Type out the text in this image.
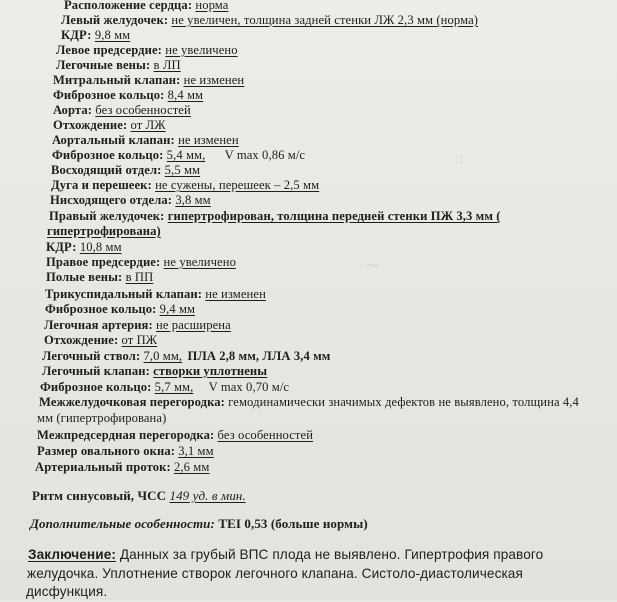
∶∶
∼
Расположение сердца: норма
Левый желудочек: не увеличен, толщина задней стенки ЛЖ 2,3 мм (норма)
КДР: 9,8 мм
Левое предсердие: не увеличено
Легочные вены: в ЛП
Митральный клапан: не изменен
Фиброзное кольцо: 8,4 мм
Аорта: без особенностей
Отхождение: от ЛЖ
Аортальный клапан: не изменен
Фиброзное кольцо: 5,4 мм, V max 0,86 м/с
Восходящий отдел: 5,5 мм
Дуга и перешеек: не сужены, перешеек – 2,5 мм
Нисходящего отдела: 3,8 мм
Правый желудочек: гипертрофирован, толщина передней стенки ПЖ 3,3 мм (
гипертрофирована)
КДР: 10,8 мм
Правое предсердие: не увеличено
Полые вены: в ПП
Трикуспидальный клапан: не изменен
Фиброзное кольцо: 9,4 мм
Легочная артерия: не расширена
Отхождение: от ПЖ
Легочный ствол: 7,0 мм, ПЛА 2,8 мм, ЛЛА 3,4 мм
Легочный клапан: створки уплотнены
Фиброзное кольцо: 5,7 мм, V max 0,70 м/с
Межжелудочковая перегородка: гемодинамически значимых дефектов не выявлено, толщина 4,4
мм (гипертрофирована)
Межпредсердная перегородка: без особенностей
Размер овального окна: 3,1 мм
Артериальный проток: 2,6 мм
Ритм синусовый, ЧСС 149 уд. в мин.
Дополнительные особенности: TEI 0,53 (больше нормы)
Заключение: Данных за грубый ВПС плода не выявлено. Гипертрофия правого
желудочка. Уплотнение створок легочного клапана. Систоло-диастолическая
дисфункция.
